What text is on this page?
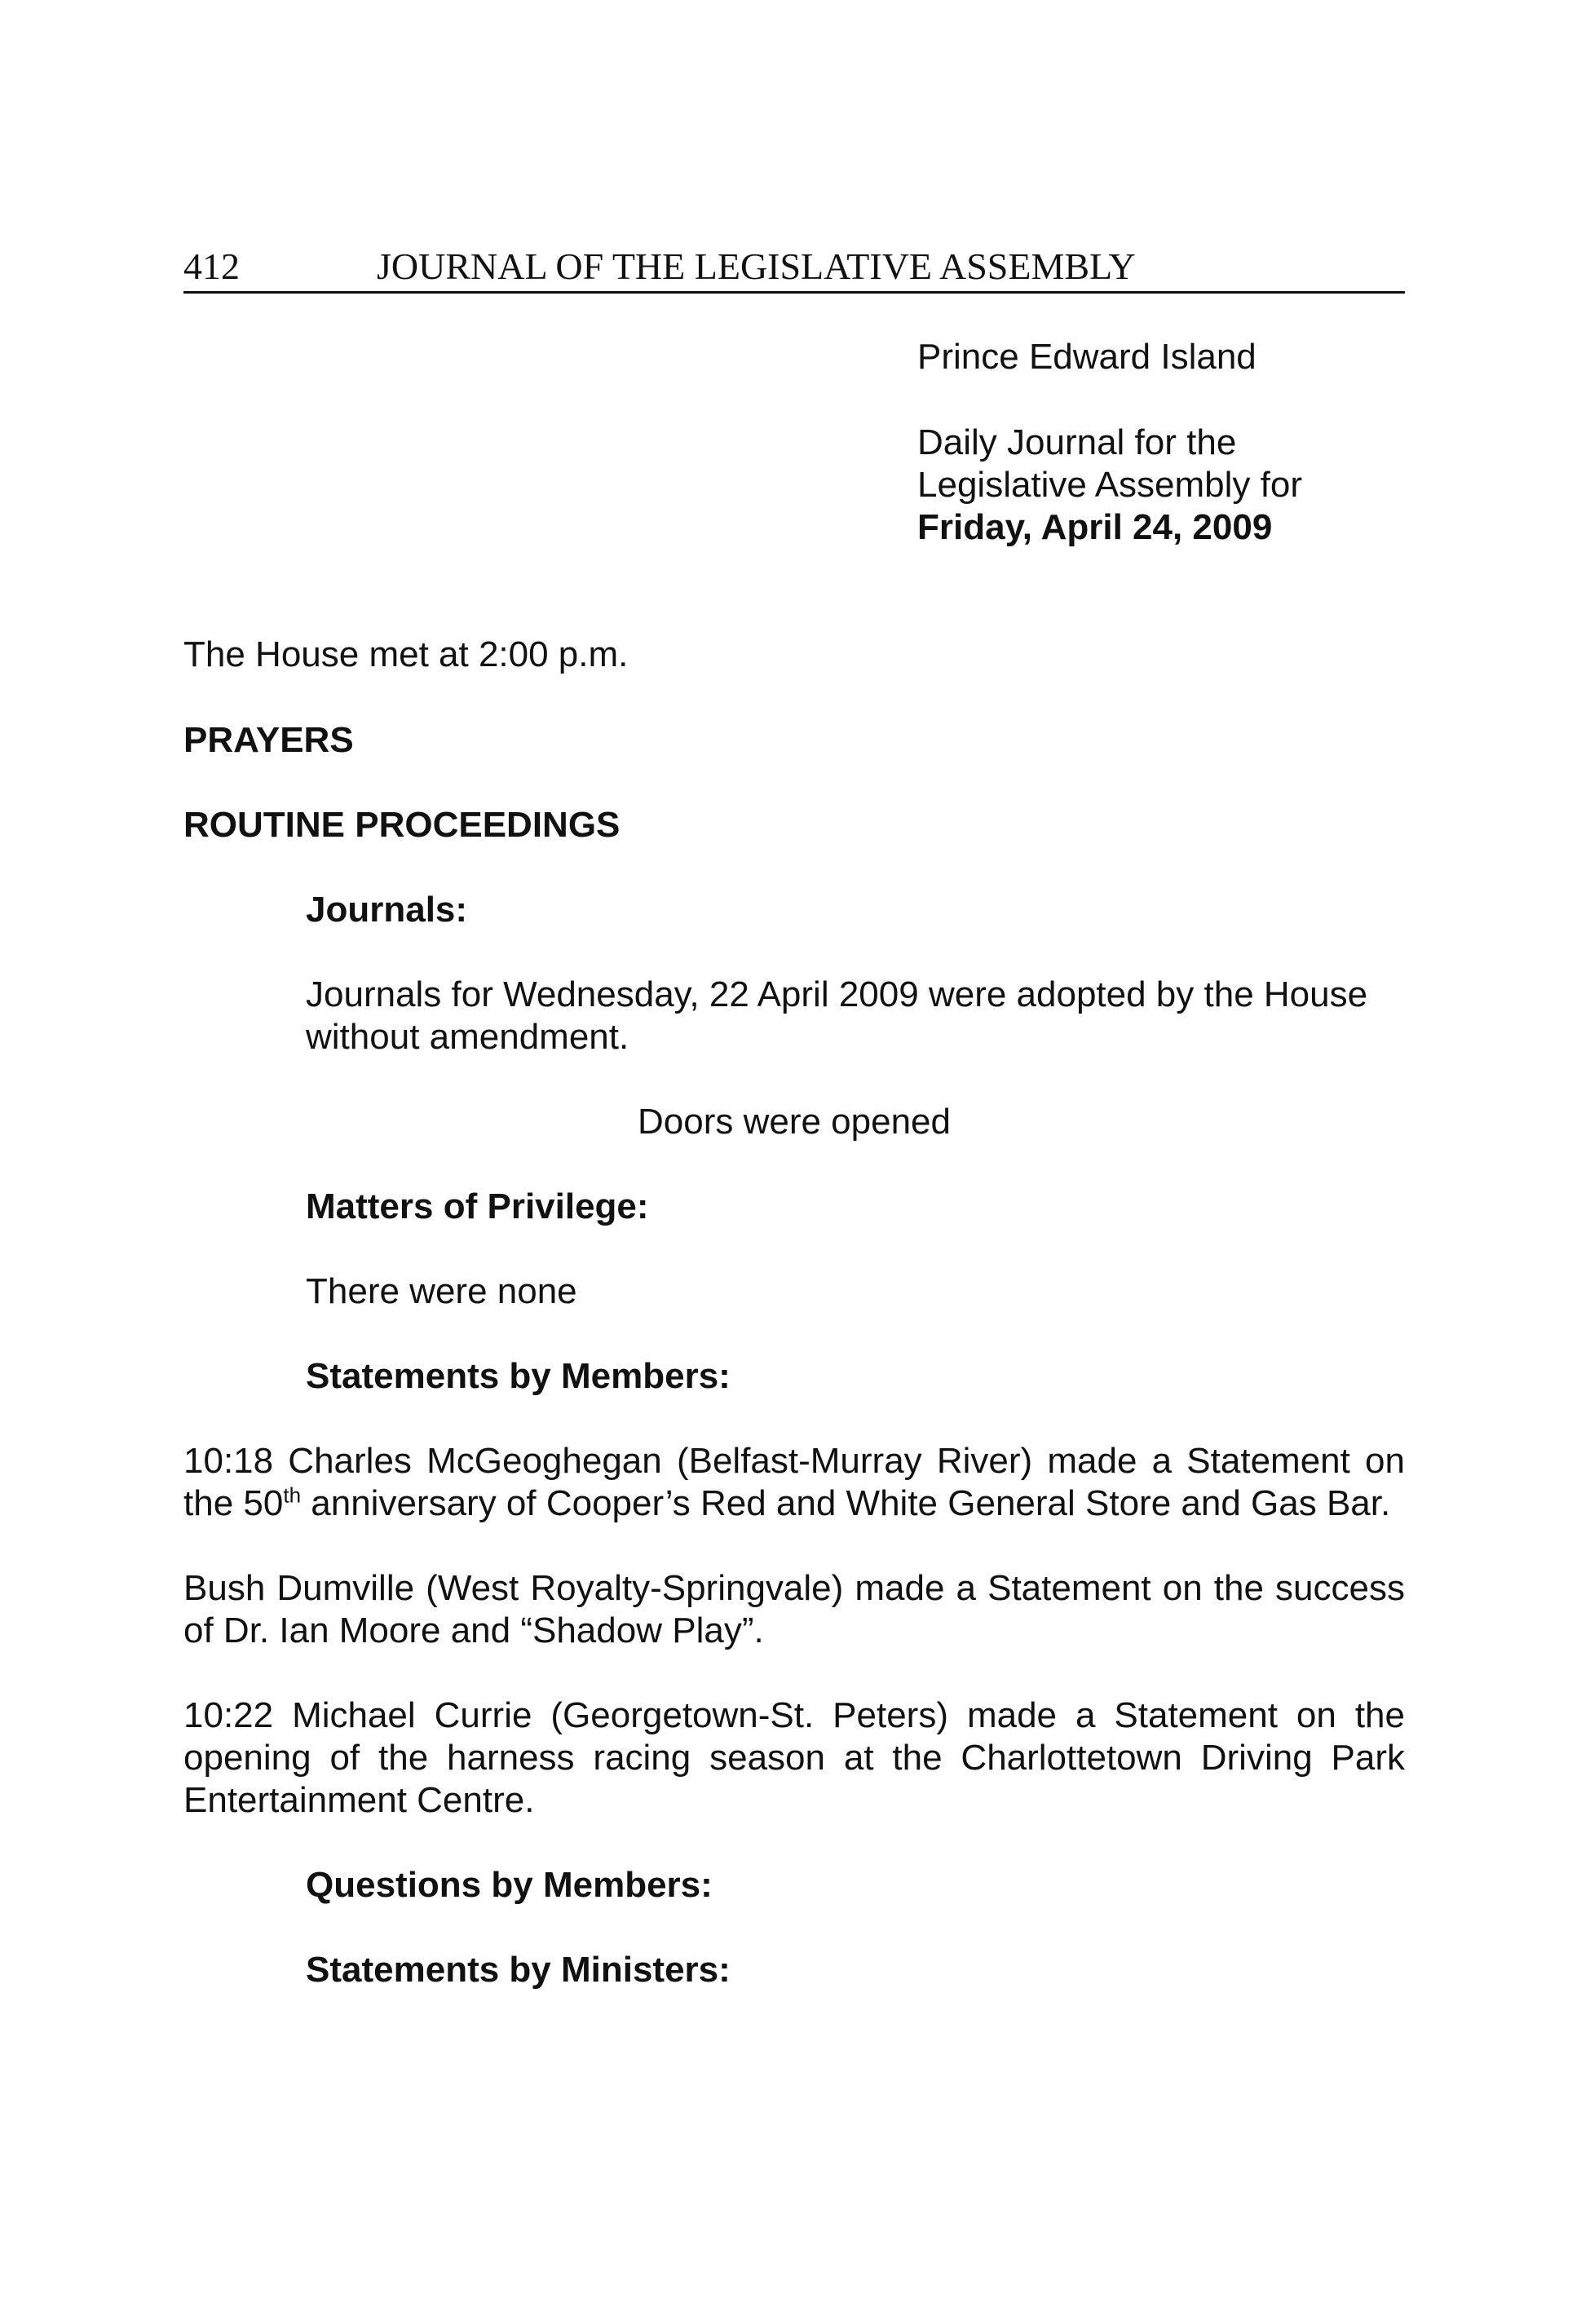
412	JOURNAL OF THE LEGISLATIVE ASSEMBLY
Prince Edward Island
Daily Journal for the
Legislative Assembly for
Friday, April 24, 2009
The House met at 2:00 p.m.
PRAYERS
ROUTINE PROCEEDINGS
Journals:
Journals for Wednesday, 22 April 2009 were adopted by the House
without amendment.
Doors were opened
Matters of Privilege:
There were none
Statements by Members:
10:18 Charles McGeoghegan (Belfast-Murray River) made a Statement on
the 50th anniversary of Cooper’s Red and White General Store and Gas Bar.
Bush Dumville (West Royalty-Springvale) made a Statement on the success
of Dr. Ian Moore and “Shadow Play”.
10:22 Michael Currie (Georgetown-St. Peters) made a Statement on the
opening of the harness racing season at the Charlottetown Driving Park
Entertainment Centre.
Questions by Members:
Statements by Ministers:
